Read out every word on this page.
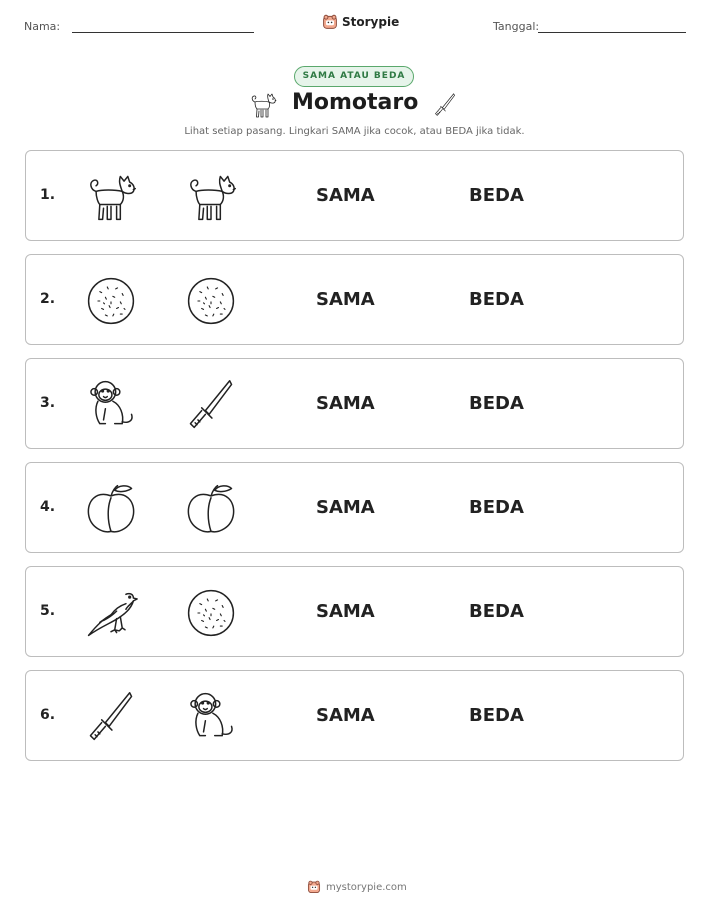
Nama:	Storypie	Tanggal:
SAMA ATAU BEDA
Momotaro
Lihat setiap pasang. Lingkari SAMA jika cocok, atau BEDA jika tidak.
1.	SAMA	BEDA
2.	SAMA	BEDA
3.	SAMA	BEDA
4.	SAMA	BEDA
5.	SAMA	BEDA
6.	SAMA	BEDA
mystorypie.com
